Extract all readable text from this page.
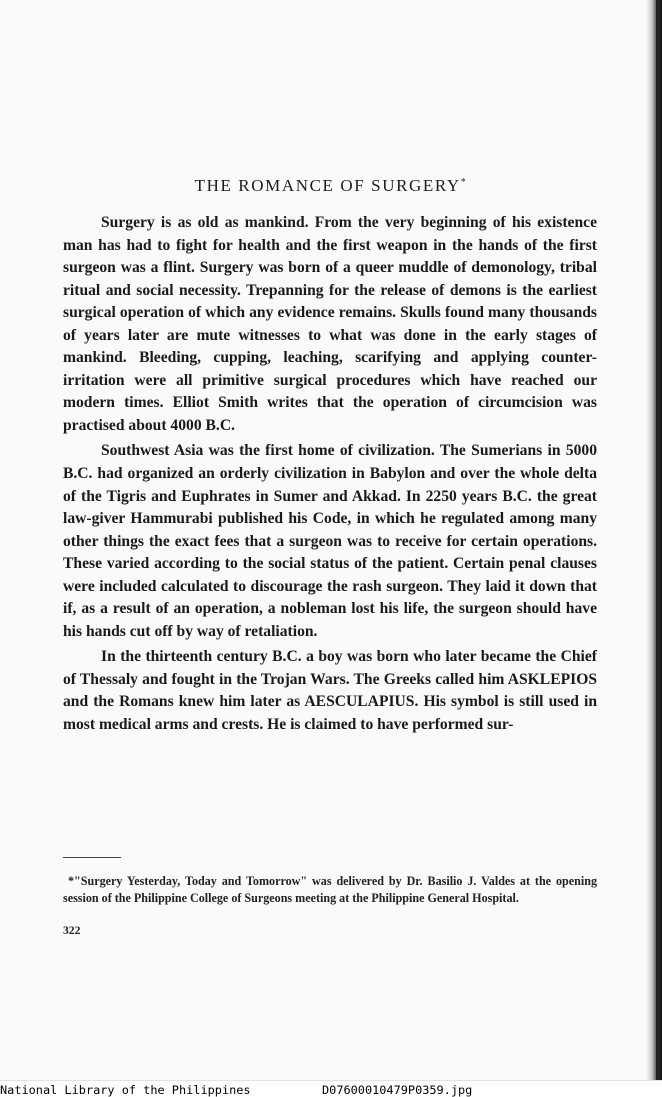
THE ROMANCE OF SURGERY*

Surgery is as old as mankind. From the very beginning of his existence man has had to fight for health and the first weapon in the hands of the first surgeon was a flint. Surgery was born of a queer muddle of demonology, tribal ritual and social necessity. Trepanning for the release of demons is the earliest surgical operation of which any evidence remains. Skulls found many thousands of years later are mute witnesses to what was done in the early stages of mankind. Bleeding, cupping, leaching, scarifying and applying counter-irritation were all primitive surgical procedures which have reached our modern times. Elliot Smith writes that the operation of circumcision was practised about 4000 B.C.

Southwest Asia was the first home of civilization. The Sumerians in 5000 B.C. had organized an orderly civilization in Babylon and over the whole delta of the Tigris and Euphrates in Sumer and Akkad. In 2250 years B.C. the great law-giver Hammurabi published his Code, in which he regulated among many other things the exact fees that a surgeon was to receive for certain operations. These varied according to the social status of the patient. Certain penal clauses were included calculated to discourage the rash surgeon. They laid it down that if, as a result of an operation, a nobleman lost his life, the surgeon should have his hands cut off by way of retaliation.

In the thirteenth century B.C. a boy was born who later became the Chief of Thessaly and fought in the Trojan Wars. The Greeks called him ASKLEPIOS and the Romans knew him later as AESCULAPIUS. His symbol is still used in most medical arms and crests. He is claimed to have performed sur-

*"Surgery Yesterday, Today and Tomorrow" was delivered by Dr. Basilio J. Valdes at the opening session of the Philippine College of Surgeons meeting at the Philippine General Hospital.

322
National Library of the Philippines	D07600010479P0359.jpg
